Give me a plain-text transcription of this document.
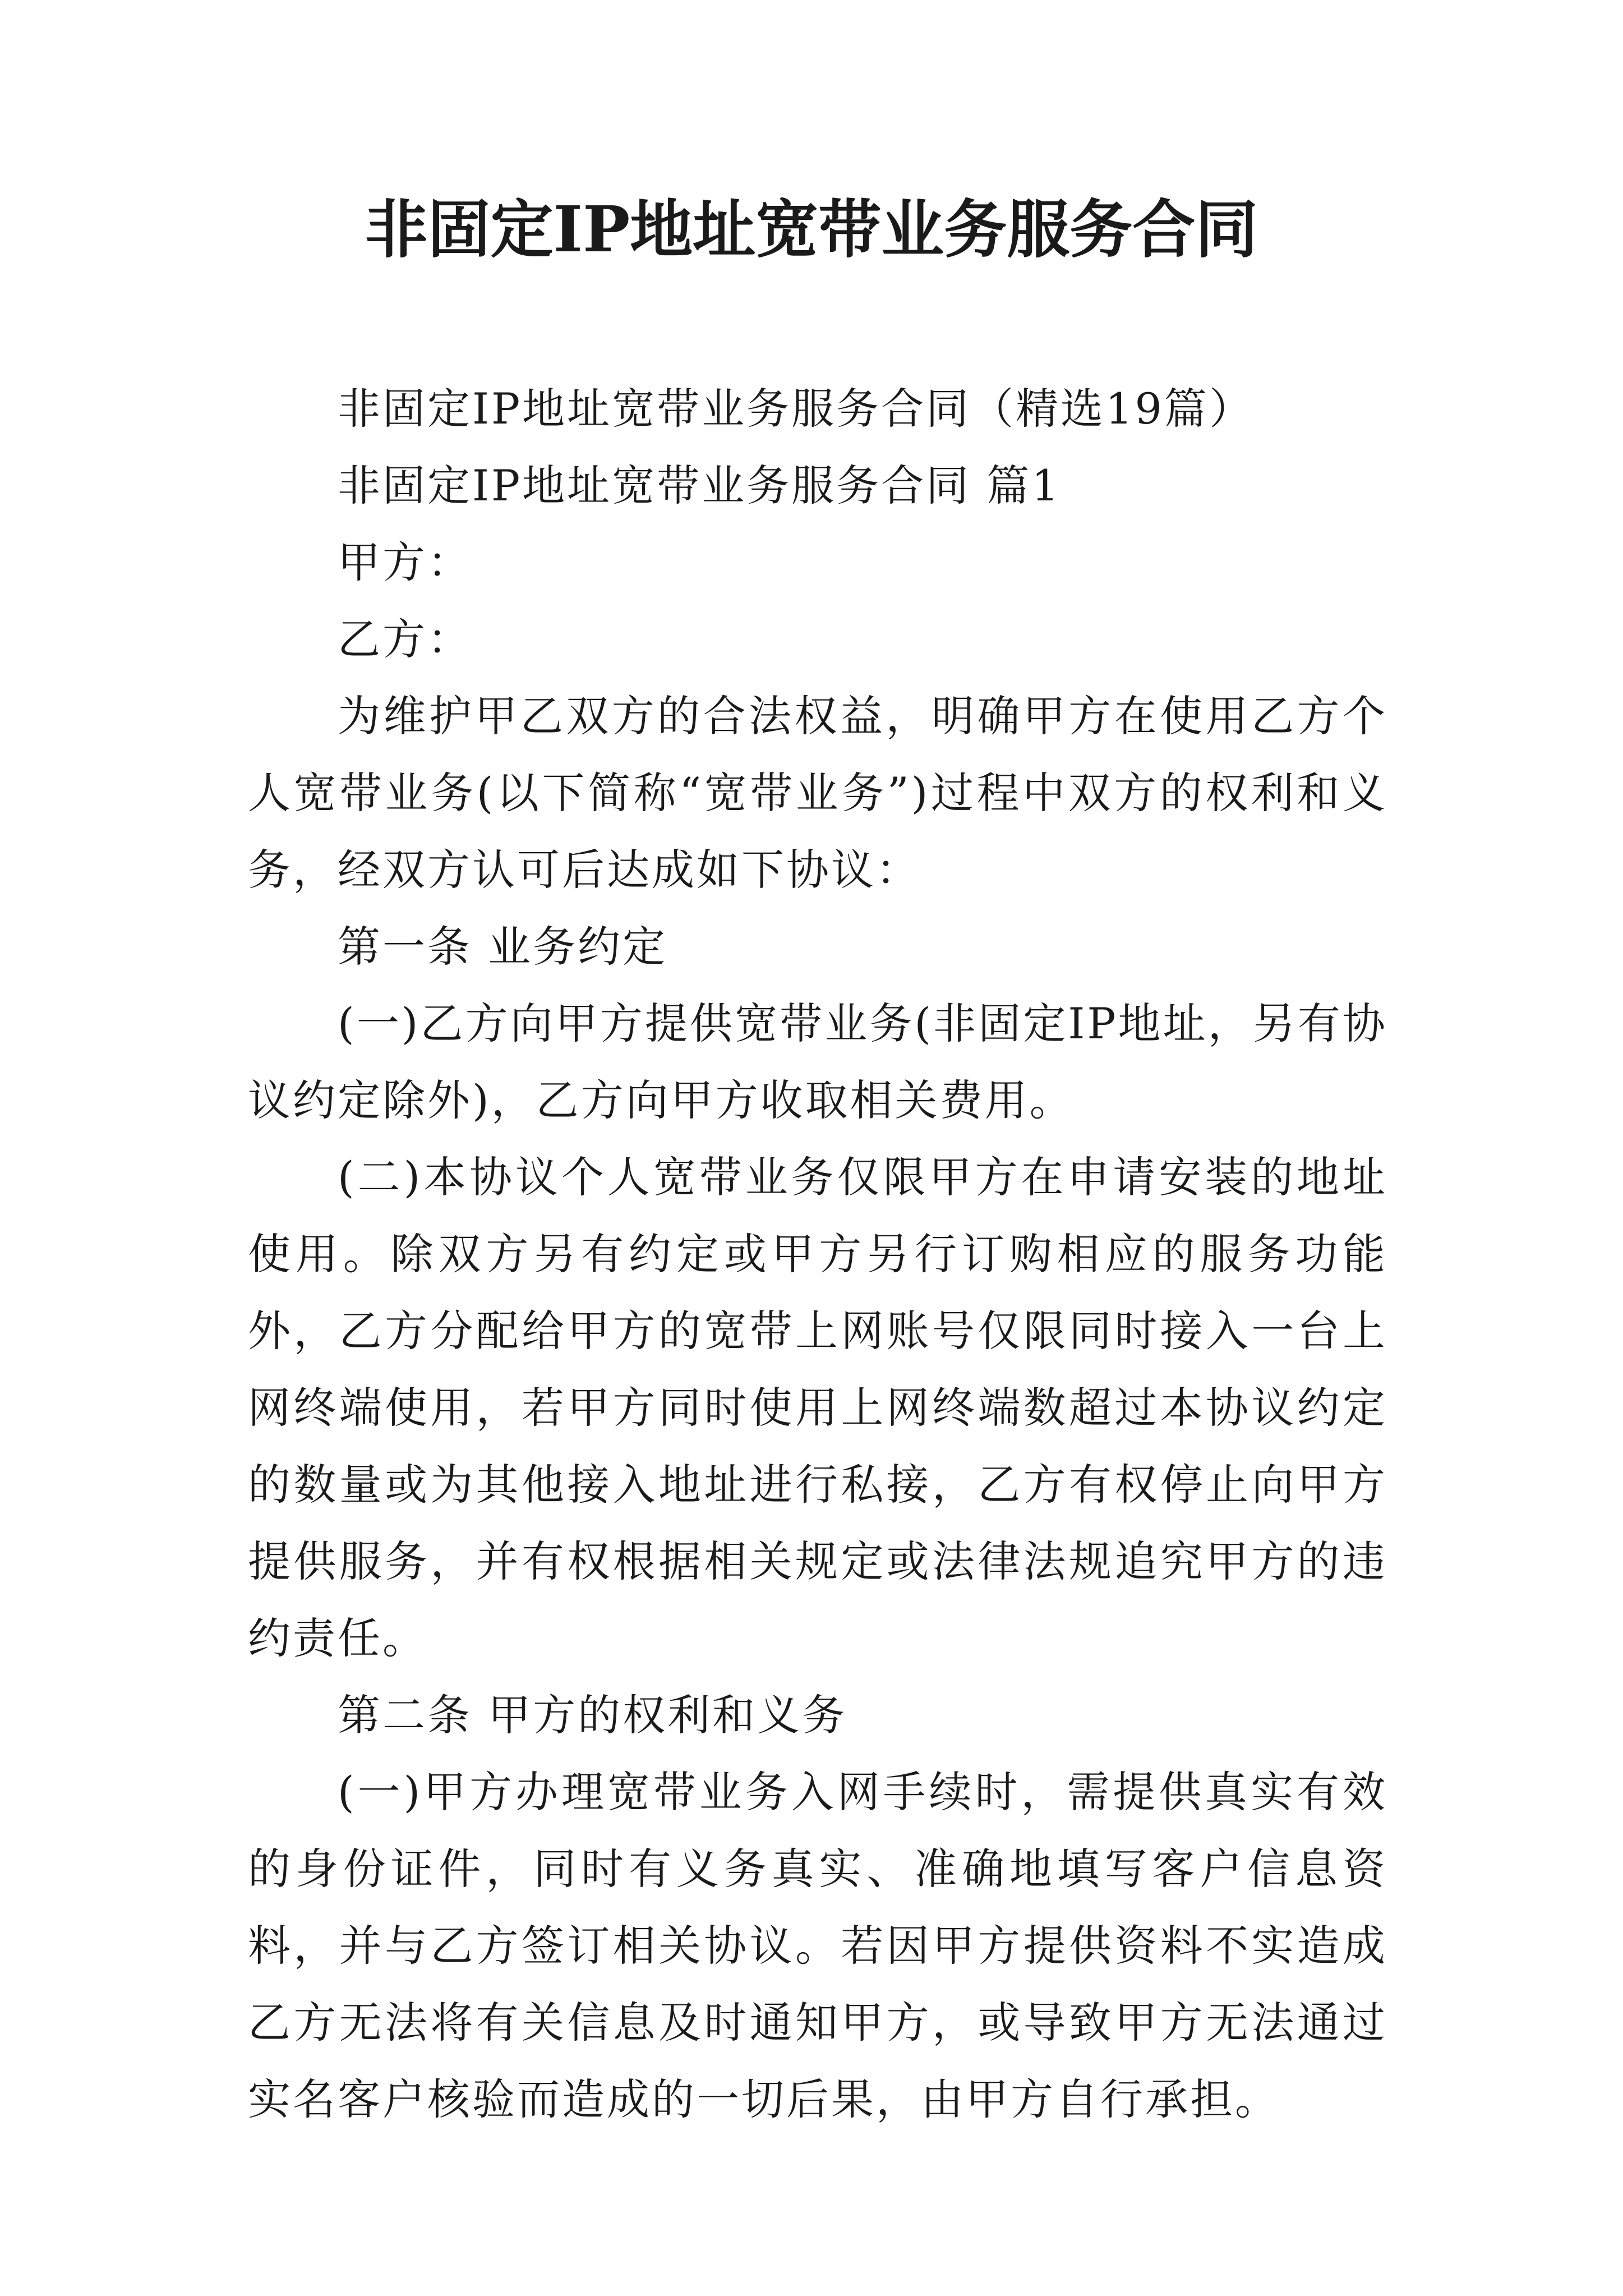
非固定IP地址宽带业务服务合同

非固定IP地址宽带业务服务合同（精选19篇）

非固定IP地址宽带业务服务合同 篇1

甲方：

乙方：

为维护甲乙双方的合法权益，明确甲方在使用乙方个人宽带业务(以下简称“宽带业务”)过程中双方的权利和义务，经双方认可后达成如下协议：

第一条 业务约定

(一)乙方向甲方提供宽带业务(非固定IP地址，另有协议约定除外)，乙方向甲方收取相关费用。

(二)本协议个人宽带业务仅限甲方在申请安装的地址使用。除双方另有约定或甲方另行订购相应的服务功能外，乙方分配给甲方的宽带上网账号仅限同时接入一台上网终端使用，若甲方同时使用上网终端数超过本协议约定的数量或为其他接入地址进行私接，乙方有权停止向甲方提供服务，并有权根据相关规定或法律法规追究甲方的违约责任。

第二条 甲方的权利和义务

(一)甲方办理宽带业务入网手续时，需提供真实有效的身份证件，同时有义务真实、准确地填写客户信息资料，并与乙方签订相关协议。若因甲方提供资料不实造成乙方无法将有关信息及时通知甲方，或导致甲方无法通过实名客户核验而造成的一切后果，由甲方自行承担。
